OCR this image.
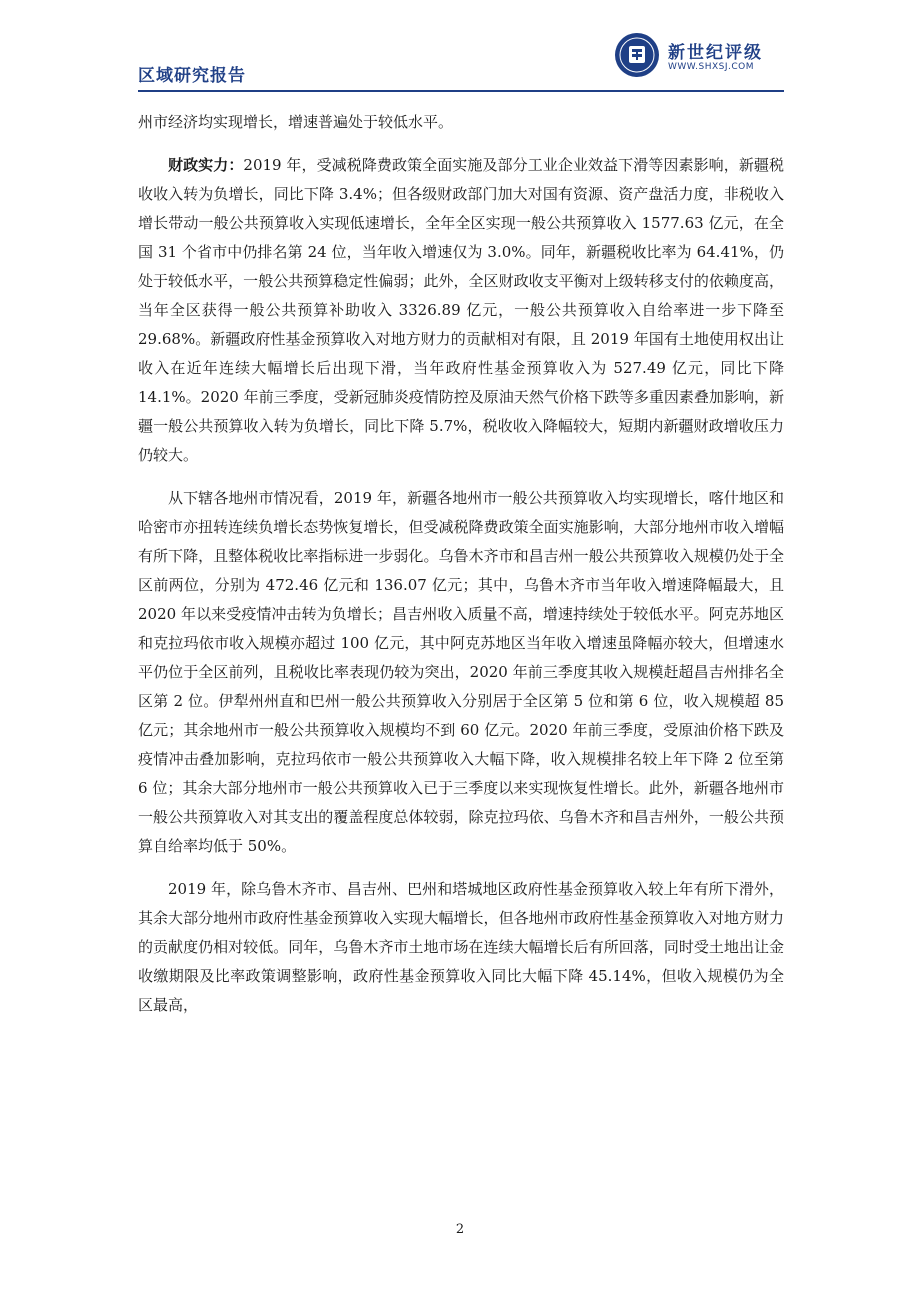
区域研究报告
新世纪评级
WWW.SHXSJ.COM

州市经济均实现增长，增速普遍处于较低水平。

财政实力：2019 年，受减税降费政策全面实施及部分工业企业效益下滑等因素影响，新疆税收收入转为负增长，同比下降 3.4%；但各级财政部门加大对国有资源、资产盘活力度，非税收入增长带动一般公共预算收入实现低速增长，全年全区实现一般公共预算收入 1577.63 亿元，在全国 31 个省市中仍排名第 24 位，当年收入增速仅为 3.0%。同年，新疆税收比率为 64.41%，仍处于较低水平，一般公共预算稳定性偏弱；此外，全区财政收支平衡对上级转移支付的依赖度高，当年全区获得一般公共预算补助收入 3326.89 亿元，一般公共预算收入自给率进一步下降至 29.68%。新疆政府性基金预算收入对地方财力的贡献相对有限，且 2019 年国有土地使用权出让收入在近年连续大幅增长后出现下滑，当年政府性基金预算收入为 527.49 亿元，同比下降 14.1%。2020 年前三季度，受新冠肺炎疫情防控及原油天然气价格下跌等多重因素叠加影响，新疆一般公共预算收入转为负增长，同比下降 5.7%，税收收入降幅较大，短期内新疆财政增收压力仍较大。

从下辖各地州市情况看，2019 年，新疆各地州市一般公共预算收入均实现增长，喀什地区和哈密市亦扭转连续负增长态势恢复增长，但受减税降费政策全面实施影响，大部分地州市收入增幅有所下降，且整体税收比率指标进一步弱化。乌鲁木齐市和昌吉州一般公共预算收入规模仍处于全区前两位，分别为 472.46 亿元和 136.07 亿元；其中，乌鲁木齐市当年收入增速降幅最大，且 2020 年以来受疫情冲击转为负增长；昌吉州收入质量不高，增速持续处于较低水平。阿克苏地区和克拉玛依市收入规模亦超过 100 亿元，其中阿克苏地区当年收入增速虽降幅亦较大，但增速水平仍位于全区前列，且税收比率表现仍较为突出，2020 年前三季度其收入规模赶超昌吉州排名全区第 2 位。伊犁州州直和巴州一般公共预算收入分别居于全区第 5 位和第 6 位，收入规模超 85 亿元；其余地州市一般公共预算收入规模均不到 60 亿元。2020 年前三季度，受原油价格下跌及疫情冲击叠加影响，克拉玛依市一般公共预算收入大幅下降，收入规模排名较上年下降 2 位至第 6 位；其余大部分地州市一般公共预算收入已于三季度以来实现恢复性增长。此外，新疆各地州市一般公共预算收入对其支出的覆盖程度总体较弱，除克拉玛依、乌鲁木齐和昌吉州外，一般公共预算自给率均低于 50%。

2019 年，除乌鲁木齐市、昌吉州、巴州和塔城地区政府性基金预算收入较上年有所下滑外，其余大部分地州市政府性基金预算收入实现大幅增长，但各地州市政府性基金预算收入对地方财力的贡献度仍相对较低。同年，乌鲁木齐市土地市场在连续大幅增长后有所回落，同时受土地出让金收缴期限及比率政策调整影响，政府性基金预算收入同比大幅下降 45.14%，但收入规模仍为全区最高，

2
